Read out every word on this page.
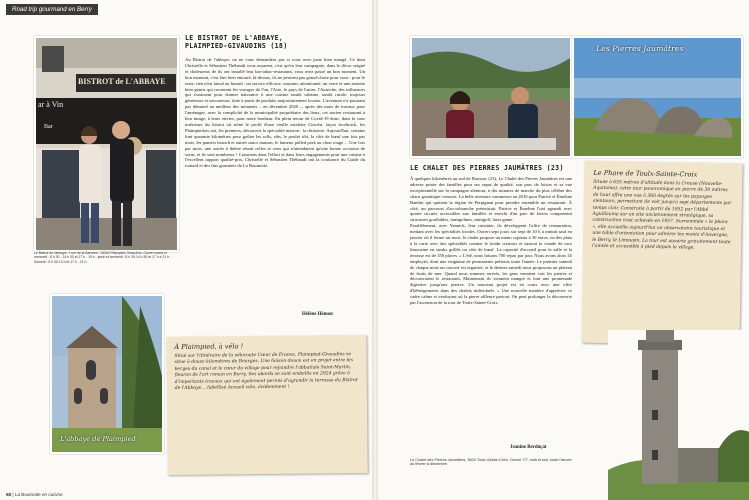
Road trip gourmand en Berry
BISTROT de L'ABBAYE
ar à Vin
Bar
Le Bistrot de l'abbaye, 1 rue de la Baronne, 18340 Plaimpied-Givaudins. Ouvert mardi et mercredi : 8 h 30 - 14 h 30 et 17 h - 19 h - jeudi et vendredi : 8 h 30-14 h 30 et 17 h à 21 h - Samedi : 8 h 30-13 h et 17 h - 21 h.
LE BISTROT DE L'ABBAYE,
PLAIMPIED-GIVAUDINS (18)

Au Bistrot de l'abbaye, on ne vous demandera pas si vous avez juste bien mangé. Ce dont Christelle et Sébastien Thébaudt vous assurent, c'est qu'en leur compagnie, dans le décor soigné et chaleureux de ils ont installé leur bar-tabac-restaurant, vous avez passé un bon moment. Un bon moment, c'est être bien entouré, là-dessus, ils ne peuvent pas grand-chose pour vous : pour le reste, rien n'est laissé au hasard : un service efficace, souriant, attentionné, un verre et une assiette bien garnis qui racontent les voyages de l'un, l'Asie, le pays de l'autre, l'Autriche, des influences qui s'unissent pour donner naissance à une cuisine tantôt urbaine, tantôt rurale, toujours généreuse et savoureuse, faite à partir de produits majoritairement locaux. L'aventure n'a pourtant pas démarré au meilleur des moments – en décembre 2020 –, après des mois de travaux pour l'aménager, avec la complicité de la municipalité propriétaire des lieux, cet ancien restaurant à leur image, à leurs envies, pour notre bonheur. En plein retour de Covid-19 donc, dans la cour intérieure du bistrot où trône le profil d'une vieille estafette Citroën, façon foodtruck, les Plaimpiedois ont, les premiers, découvert la spécialité maison : la rôtisserie. Aujourd'hui, certains font quarante kilomètres pour goûter les rolls, ribs, le poulet rôti, la côte de bœuf une fois par mois, les paniers brunch et autres saucs maison, le fameux pulled pork au chou rouge… Une fois par mois, une soirée à thème réunit celles et ceux qui n'attendaient qu'une bonne occasion de sortir, et ils sont nombreux ! Constants dans l'effort et dans leurs engagements pour une cuisine à l'excellent rapport qualité-prix, Christelle et Sébastien Thébaudt ont la confiance du Guide du routard et des fins gourmets de La Bouinotte.

Hélène Hémon
L'abbaye de Plaimpied
À Plaimpied, à vélo !

Situé sur l'itinéraire de la véloroute Cœur de France, Plaimpied-Givaudins se situe à douze kilomètres de Bourges. Une liaison douce est en projet entre les berges du canal et le cœur du village pour rejoindre l'abbatiale Saint-Martin, fleuron de l'art roman en Berry. Ses abords se sont embellis en 2024 grâce à d'importants travaux qui ont également permis d'agrandir la terrasse du Bistrot de l'Abbaye… labellisé Accueil vélo, évidemment !

68 | La Bouinotte en cuisine
Les Pierres Jaumâtres
LE CHALET DES PIERRES JAUMÂTRES (23)

À quelques kilomètres au sud de Boussac (23), Le Chalet des Pierres Jaumâtres est une adresse prisée des familles pour ses repas de qualité, son parc de loisirs et sa vue exceptionnelle sur la campagne alentour, à dix minutes de marche du plus célèbre des chaos granitique creusois. La belle aventure commence en 2010 pour Patrice et Émeline Banlini qui quittent la région de Perpignan pour prendre ensemble un restaurant. À côté, un parcours d'accrobranche préexistait. Patrice et Émeline l'ont agrandi avec quatre circuits accessibles aux familles et enrichi d'un parc de loisirs comprenant structures gonflables, trampolines, minigolf, laser game.

Parallèlement, avec Yannick, leur cuisinier, ils développent l'offre de restauration, mettant avec les spécialités locales. Ouvert sept jours sur sept de 10 h à minuit sauf en janvier où il ferme un mois, le chalet propose un menu copieux à 30 euros, ou des plats à la carte avec des spécialités comme le fondu creusois et surtout la viande de race limousine en steaks grillés ou côte de bœuf. La capacité d'accueil pour la salle et la terrasse est de 350 places. « L'été, nous faisons 700 repas par jour. Nous avons alors 45 employés, dont une vingtaine de permanents présents toute l'année. Le premier samedi de chaque mois un concert est organisé, et le dernier samedi nous proposons un plateau de fruits de mer. Quand nous sommes arrivés, les gens venaient voir les pierres et découvraient le restaurant. Maintenant ils viennent manger et font une promenade digestive jusqu'aux pierres. Un nouveau projet est en cours avec une offre d'hébergements dans des chalets individuels. » Une nouvelle manière d'apprécier ce cadre calme et verdoyant où la pierre affleure partout. On peut prolonger la découverte par l'ascension de la tour de Toulx-Sainte-Croix.

Jeanine Berduçat
Le Chalet des Pierres Jaumâtres, 3600 Toulx-Sainte-Croix. Ouvert 7/7, midi et soir, toute l'année du février à décembre.
Le Phare de Toulx-Sainte-Croix

Située à 655 mètres d'altitude dans la Creuse (Nouvelle-Aquitaine), cette tour panoramique en pierre de 30 mètres de haut offre une vue à 360 degrés sur les paysages alentours, permettant de voir jusqu'à sept départements par temps clair. Construite à partir de 1952 par l'Abbé Aguillaume sur un site anciennement stratégique, sa construction s'est achevée en 1957. Surnommée « le phare », elle accueille aujourd'hui un observatoire touristique et une table d'orientation pour admirer les monts d'Auvergne, le Berry, le Limousin. La tour est ouverte gratuitement toute l'année et accessible à pied depuis le village.
